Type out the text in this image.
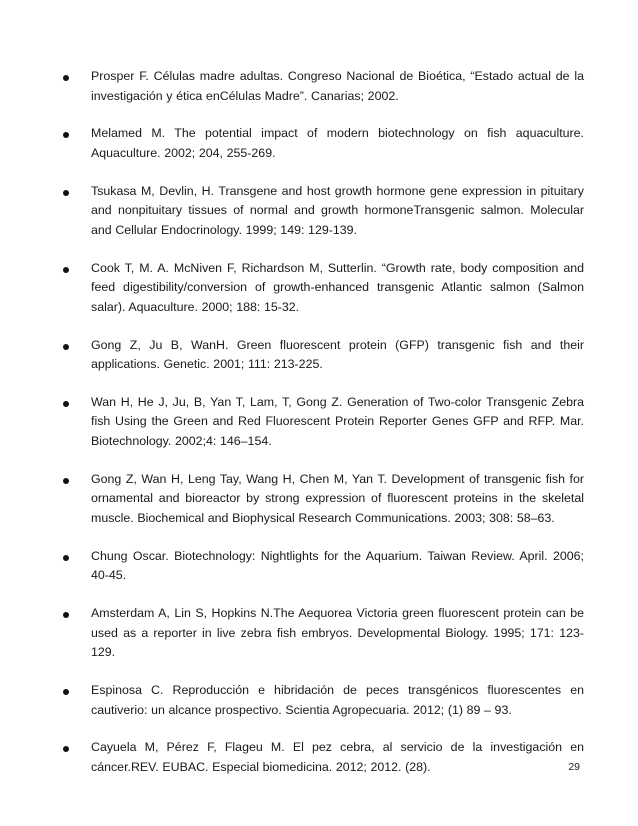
Prosper F. Células madre adultas. Congreso Nacional de Bioética, “Estado actual de la investigación y ética enCélulas Madre”. Canarias; 2002.
Melamed M. The potential impact of modern biotechnology on fish aquaculture. Aquaculture. 2002; 204, 255-269.
Tsukasa M, Devlin, H. Transgene and host growth hormone gene expression in pituitary and nonpituitary tissues of normal and growth hormoneTransgenic salmon. Molecular and Cellular Endocrinology. 1999; 149: 129-139.
Cook T, M. A. McNiven F, Richardson M, Sutterlin. “Growth rate, body composition and feed digestibility/conversion of growth-enhanced transgenic Atlantic salmon (Salmon salar). Aquaculture. 2000; 188: 15-32.
Gong Z, Ju B, WanH. Green fluorescent protein (GFP) transgenic fish and their applications. Genetic. 2001; 111: 213-225.
Wan H, He J, Ju, B, Yan T, Lam, T, Gong Z. Generation of Two-color Transgenic Zebra fish Using the Green and Red Fluorescent Protein Reporter Genes GFP and RFP. Mar. Biotechnology. 2002;4: 146–154.
Gong Z, Wan H, Leng Tay, Wang H, Chen M, Yan T. Development of transgenic fish for ornamental and bioreactor by strong expression of fluorescent proteins in the skeletal muscle. Biochemical and Biophysical Research Communications. 2003; 308: 58–63.
Chung Oscar. Biotechnology: Nightlights for the Aquarium. Taiwan Review. April. 2006; 40-45.
Amsterdam A, Lin S, Hopkins N.The Aequorea Victoria green fluorescent protein can be used as a reporter in live zebra fish embryos. Developmental Biology. 1995; 171: 123-129.
Espinosa C. Reproducción e hibridación de peces transgénicos fluorescentes en cautiverio: un alcance prospectivo. Scientia Agropecuaria. 2012; (1) 89 – 93.
Cayuela M, Pérez F, Flageu M. El pez cebra, al servicio de la investigación en cáncer.REV. EUBAC. Especial biomedicina. 2012; 2012. (28).	29
